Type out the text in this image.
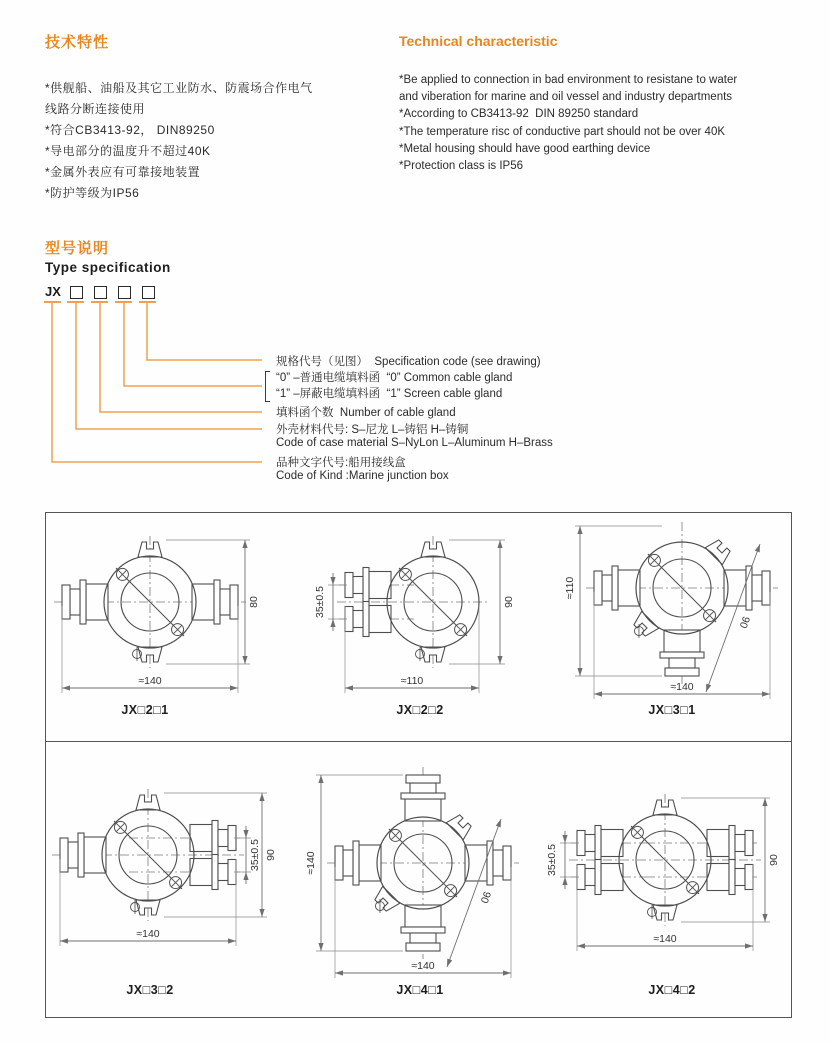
技术特性
*供舰船、油船及其它工业防水、防震场合作电气
线路分断连接使用
*符合CB3413-92， DIN89250
*导电部分的温度升不超过40K
*金属外表应有可靠接地装置
*防护等级为IP56
Technical characteristic
*Be applied to connection in bad environment to resistane to water
and viberation for marine and oil vessel and industry departments
*According to CB3413-92  DIN 89250 standard
*The temperature risc of conductive part should not be over 40K
*Metal housing should have good earthing device
*Protection class is IP56
型号说明
Type specification
JX
规格代号（见图）  Specification code (see drawing)
“0” –普通电缆填料函  “0” Common cable gland
“1” –屏蔽电缆填料函  “1” Screen cable gland
填料函个数  Number of cable gland
外壳材料代号: S–尼龙 L–铸铝 H–铸铜
Code of case material S–NyLon L–Aluminum H–Brass
品种文字代号:船用接线盒
Code of Kind :Marine junction box
≈140
80
≈110
90
35±0.5
≈140
≈110
90
≈140
90
35±0.5
≈140
≈140
90
≈140
90
35±0.5
JX□2□1	JX□2□2	JX□3□1
JX□3□2	JX□4□1	JX□4□2
